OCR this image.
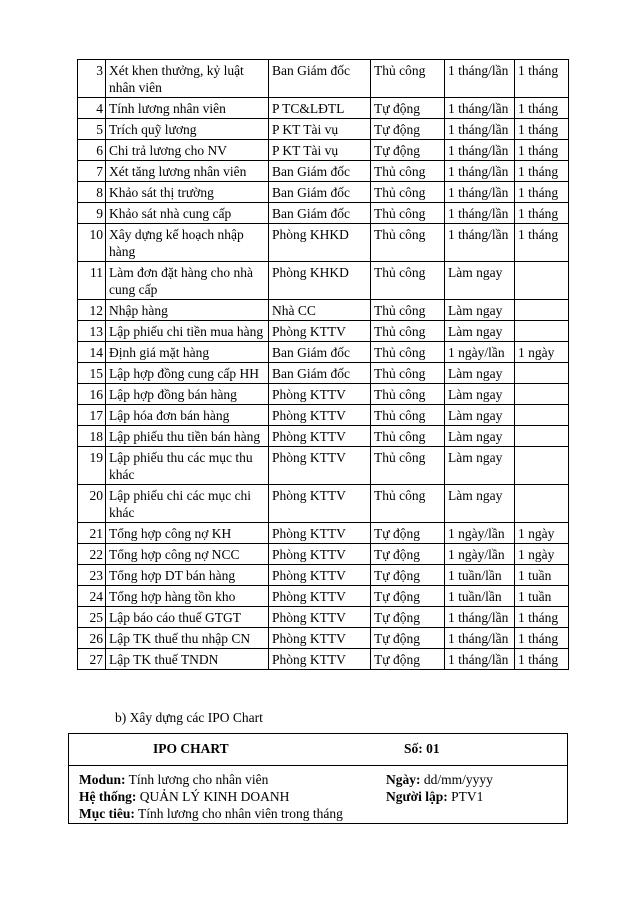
3	Xét khen thưởng, kỷ luật nhân viên	Ban Giám đốc	Thủ công	1 tháng/lần	1 tháng
4	Tính lương nhân viên	P TC&LĐTL	Tự động	1 tháng/lần	1 tháng
5	Trích quỹ lương	P KT Tài vụ	Tự động	1 tháng/lần	1 tháng
6	Chi trả lương cho NV	P KT Tài vụ	Tự động	1 tháng/lần	1 tháng
7	Xét tăng lương nhân viên	Ban Giám đốc	Thủ công	1 tháng/lần	1 tháng
8	Khảo sát thị trường	Ban Giám đốc	Thủ công	1 tháng/lần	1 tháng
9	Khảo sát nhà cung cấp	Ban Giám đốc	Thủ công	1 tháng/lần	1 tháng
10	Xây dựng kế hoạch nhập hàng	Phòng KHKD	Thủ công	1 tháng/lần	1 tháng
11	Làm đơn đặt hàng cho nhà cung cấp	Phòng KHKD	Thủ công	Làm ngay	
12	Nhập hàng	Nhà CC	Thủ công	Làm ngay	
13	Lập phiếu chi tiền mua hàng	Phòng KTTV	Thủ công	Làm ngay	
14	Định giá mặt hàng	Ban Giám đốc	Thủ công	1 ngày/lần	1 ngày
15	Lập hợp đồng cung cấp HH	Ban Giám đốc	Thủ công	Làm ngay	
16	Lập hợp đồng bán hàng	Phòng KTTV	Thủ công	Làm ngay	
17	Lập hóa đơn bán hàng	Phòng KTTV	Thủ công	Làm ngay	
18	Lập phiếu thu tiền bán hàng	Phòng KTTV	Thủ công	Làm ngay	
19	Lập phiếu thu các mục thu khác	Phòng KTTV	Thủ công	Làm ngay	
20	Lập phiếu chi các mục chi khác	Phòng KTTV	Thủ công	Làm ngay	
21	Tổng hợp công nợ KH	Phòng KTTV	Tự động	1 ngày/lần	1 ngày
22	Tổng hợp công nợ NCC	Phòng KTTV	Tự động	1 ngày/lần	1 ngày
23	Tổng hợp DT bán hàng	Phòng KTTV	Tự động	1 tuần/lần	1 tuần
24	Tổng hợp hàng tồn kho	Phòng KTTV	Tự động	1 tuần/lần	1 tuần
25	Lập báo cáo thuế GTGT	Phòng KTTV	Tự động	1 tháng/lần	1 tháng
26	Lập TK thuế thu nhập CN	Phòng KTTV	Tự động	1 tháng/lần	1 tháng
27	Lập TK thuế TNDN	Phòng KTTV	Tự động	1 tháng/lần	1 tháng
b) Xây dựng các IPO Chart
IPO CHART	Số: 01
Modun: Tính lương cho nhân viên
Hệ thống: QUẢN LÝ KINH DOANH
Mục tiêu: Tính lương cho nhân viên trong tháng
Ngày: dd/mm/yyyy
Người lập: PTV1
